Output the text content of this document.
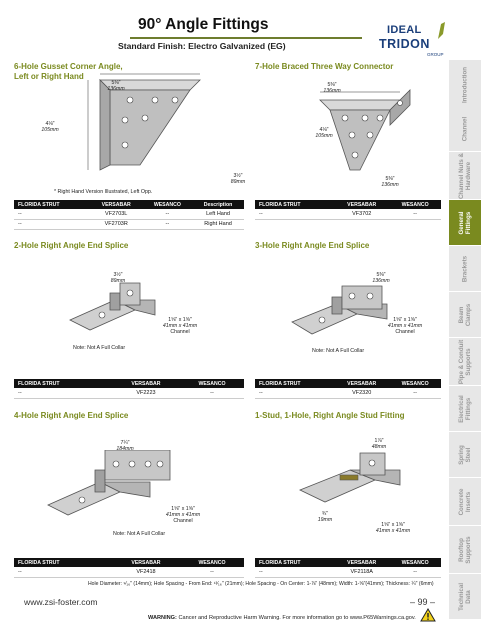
90° Angle Fittings
Standard Finish: Electro Galvanized (EG)
IDEAL
TRIDON
GROUP
6-Hole Gusset Corner Angle,
Left or Right Hand
5⅜"
136mm
4⅛"
105mm
3½"
89mm
* Right Hand Version Illustrated, Left Opp.
FLORIDA STRUT	VERSABAR	WESANCO	Description
--	VF2703L	--	Left Hand
--	VF2703R	--	Right Hand
7-Hole Braced Three Way Connector
5⅜"
136mm
4⅛"
105mm
5⅜"
136mm
FLORIDA STRUT	VERSABAR	WESANCO
--	VF3702	--
2-Hole Right Angle End Splice
3½"
89mm
1⅝" x 1⅝"
41mm x 41mm
Channel
Note: Not A Full Collar
FLORIDA STRUT	VERSABAR	WESANCO
--	VF2223	--
3-Hole Right Angle End Splice
5⅜"
136mm
1⅝" x 1⅝"
41mm x 41mm
Channel
Note: Not A Full Collar
FLORIDA STRUT	VERSABAR	WESANCO
--	VF2320	--
4-Hole Right Angle End Splice
7¼"
184mm
1⅝" x 1⅝"
41mm x 41mm
Channel
Note: Not A Full Collar
FLORIDA STRUT	VERSABAR	WESANCO
--	VF2418	--
1-Stud, 1-Hole, Right Angle Stud Fitting
1⅞"
48mm
¾"
19mm
1⅝" x 1⅝"
41mm x 41mm
FLORIDA STRUT	VERSABAR	WESANCO
--	VF2118A	--
Introduction
Channel
Channel Nuts & Hardware
General Fittings
Brackets
Beam Clamps
Pipe & Conduit Supports
Electrical Fittings
Spring Steel
Concrete Inserts
Rooftop Supports
Technical Data
Hole Diameter: ⁹⁄₁₆" (14mm); Hole Spacing - From End: ¹³⁄₁₆" (21mm); Hole Spacing - On Center: 1-⅞" (48mm); Width: 1-⅝"(41mm); Thickness: ¼" (6mm)
www.zsi-foster.com	– 99 –
WARNING: Cancer and Reproductive Harm Warning. For more information go to www.P65Warnings.ca.gov.
